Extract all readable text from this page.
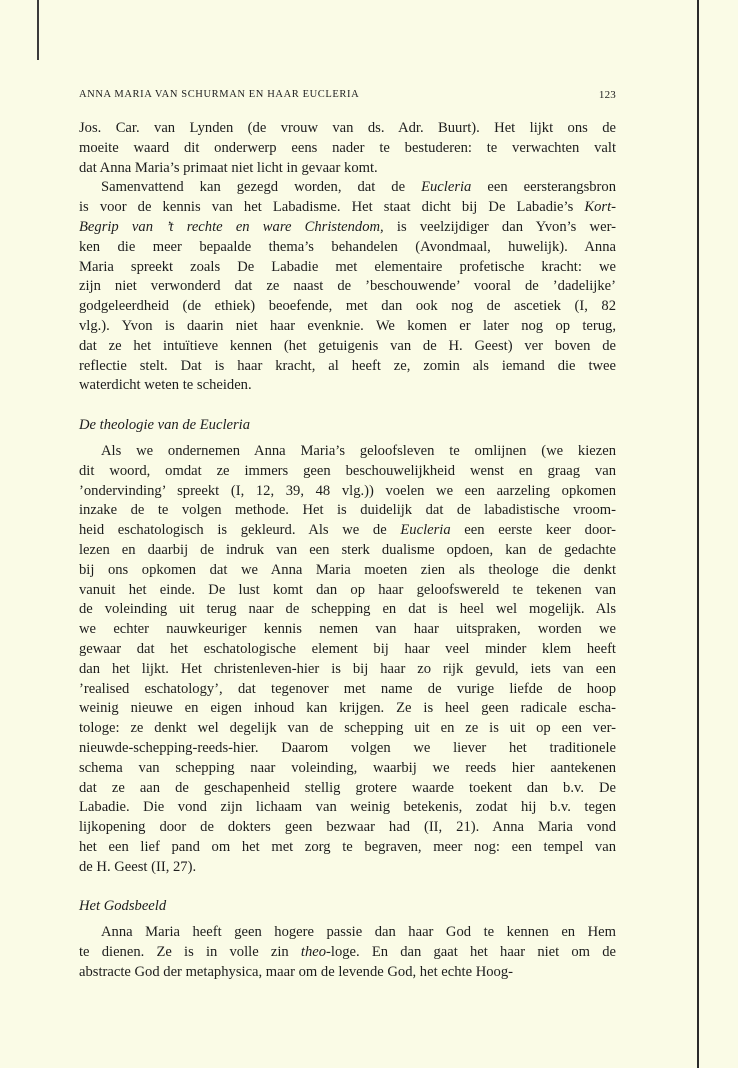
ANNA MARIA VAN SCHURMAN EN HAAR EUCLERIA	123
Jos. Car. van Lynden (de vrouw van ds. Adr. Buurt). Het lijkt ons de
moeite waard dit onderwerp eens nader te bestuderen: te verwachten valt
dat Anna Maria’s primaat niet licht in gevaar komt.
Samenvattend kan gezegd worden, dat de Eucleria een eersterangsbron
is voor de kennis van het Labadisme. Het staat dicht bij De Labadie’s Kort-
Begrip van ’t rechte en ware Christendom, is veelzijdiger dan Yvon’s wer-
ken die meer bepaalde thema’s behandelen (Avondmaal, huwelijk). Anna
Maria spreekt zoals De Labadie met elementaire profetische kracht: we
zijn niet verwonderd dat ze naast de ’beschouwende’ vooral de ’dadelijke’
godgeleerdheid (de ethiek) beoefende, met dan ook nog de ascetiek (I, 82
vlg.). Yvon is daarin niet haar evenknie. We komen er later nog op terug,
dat ze het intuïtieve kennen (het getuigenis van de H. Geest) ver boven de
reflectie stelt. Dat is haar kracht, al heeft ze, zomin als iemand die twee
waterdicht weten te scheiden.
De theologie van de Eucleria
Als we ondernemen Anna Maria’s geloofsleven te omlijnen (we kiezen
dit woord, omdat ze immers geen beschouwelijkheid wenst en graag van
’ondervinding’ spreekt (I, 12, 39, 48 vlg.)) voelen we een aarzeling opkomen
inzake de te volgen methode. Het is duidelijk dat de labadistische vroom-
heid eschatologisch is gekleurd. Als we de Eucleria een eerste keer door-
lezen en daarbij de indruk van een sterk dualisme opdoen, kan de gedachte
bij ons opkomen dat we Anna Maria moeten zien als theologe die denkt
vanuit het einde. De lust komt dan op haar geloofswereld te tekenen van
de voleinding uit terug naar de schepping en dat is heel wel mogelijk. Als
we echter nauwkeuriger kennis nemen van haar uitspraken, worden we
gewaar dat het eschatologische element bij haar veel minder klem heeft
dan het lijkt. Het christenleven-hier is bij haar zo rijk gevuld, iets van een
’realised eschatology’, dat tegenover met name de vurige liefde de hoop
weinig nieuwe en eigen inhoud kan krijgen. Ze is heel geen radicale escha-
tologe: ze denkt wel degelijk van de schepping uit en ze is uit op een ver-
nieuwde-schepping-reeds-hier. Daarom volgen we liever het traditionele
schema van schepping naar voleinding, waarbij we reeds hier aantekenen
dat ze aan de geschapenheid stellig grotere waarde toekent dan b.v. De
Labadie. Die vond zijn lichaam van weinig betekenis, zodat hij b.v. tegen
lijkopening door de dokters geen bezwaar had (II, 21). Anna Maria vond
het een lief pand om het met zorg te begraven, meer nog: een tempel van
de H. Geest (II, 27).
Het Godsbeeld
Anna Maria heeft geen hogere passie dan haar God te kennen en Hem
te dienen. Ze is in volle zin theo-loge. En dan gaat het haar niet om de
abstracte God der metaphysica, maar om de levende God, het echte Hoog-
